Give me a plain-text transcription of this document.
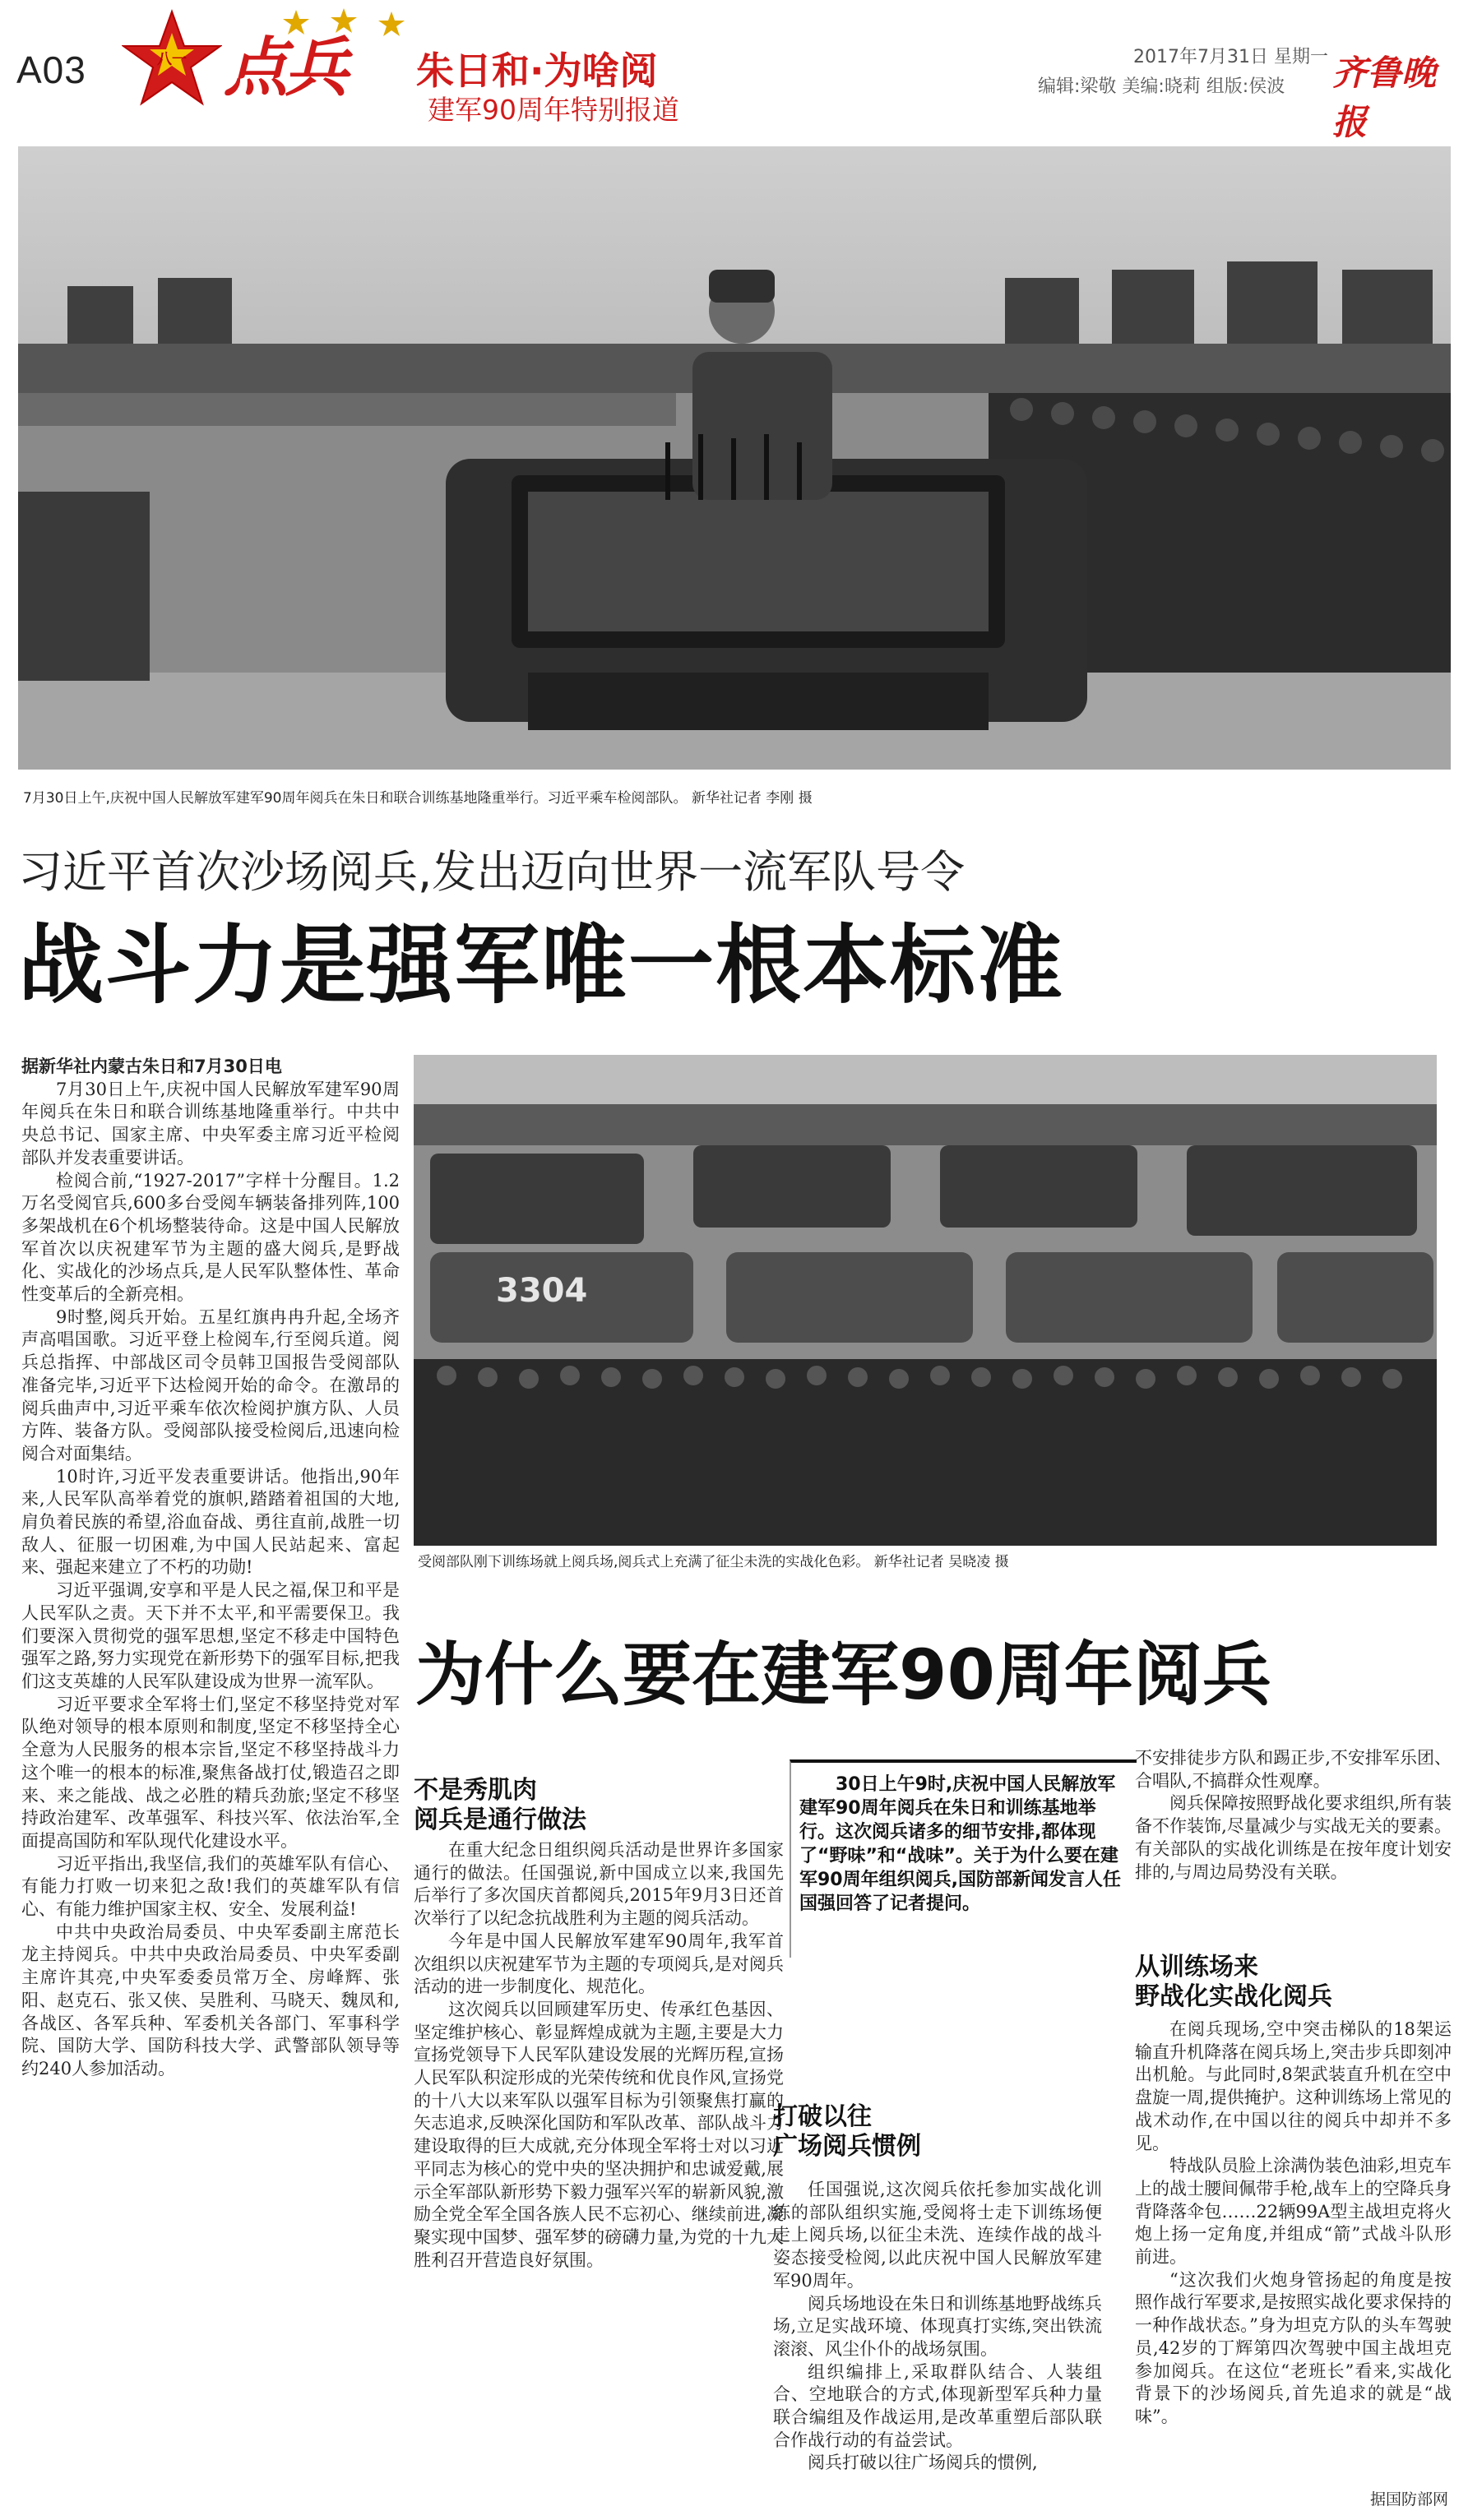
A03	八一 点兵 朱日和·为啥阅
建军90周年特别报道
2017年7月31日 星期一
编辑:梁敬 美编:晓莉 组版:侯波 齐鲁晚报
7月30日上午,庆祝中国人民解放军建军90周年阅兵在朱日和联合训练基地隆重举行。习近平乘车检阅部队。 新华社记者 李刚 摄
习近平首次沙场阅兵,发出迈向世界一流军队号令
战斗力是强军唯一根本标准

据新华社内蒙古朱日和7月30日电

7月30日上午,庆祝中国人民解放军建军90周年阅兵在朱日和联合训练基地隆重举行。中共中央总书记、国家主席、中央军委主席习近平检阅部队并发表重要讲话。

检阅合前,“1927-2017”字样十分醒目。1.2万名受阅官兵,600多台受阅车辆装备排列阵,100多架战机在6个机场整装待命。这是中国人民解放军首次以庆祝建军节为主题的盛大阅兵,是野战化、实战化的沙场点兵,是人民军队整体性、革命性变革后的全新亮相。

9时整,阅兵开始。五星红旗冉冉升起,全场齐声高唱国歌。习近平登上检阅车,行至阅兵道。阅兵总指挥、中部战区司令员韩卫国报告受阅部队准备完毕,习近平下达检阅开始的命令。在激昂的阅兵曲声中,习近平乘车依次检阅护旗方队、人员方阵、装备方队。受阅部队接受检阅后,迅速向检阅合对面集结。

10时许,习近平发表重要讲话。他指出,90年来,人民军队高举着党的旗帜,踏踏着祖国的大地,肩负着民族的希望,浴血奋战、勇往直前,战胜一切敌人、征服一切困难,为中国人民站起来、富起来、强起来建立了不朽的功勋!

习近平强调,安享和平是人民之福,保卫和平是人民军队之责。天下并不太平,和平需要保卫。我们要深入贯彻党的强军思想,坚定不移走中国特色强军之路,努力实现党在新形势下的强军目标,把我们这支英雄的人民军队建设成为世界一流军队。

习近平要求全军将士们,坚定不移坚持党对军队绝对领导的根本原则和制度,坚定不移坚持全心全意为人民服务的根本宗旨,坚定不移坚持战斗力这个唯一的根本的标准,聚焦备战打仗,锻造召之即来、来之能战、战之必胜的精兵劲旅;坚定不移坚持政治建军、改革强军、科技兴军、依法治军,全面提高国防和军队现代化建设水平。

习近平指出,我坚信,我们的英雄军队有信心、有能力打败一切来犯之敌!我们的英雄军队有信心、有能力维护国家主权、安全、发展利益!

中共中央政治局委员、中央军委副主席范长龙主持阅兵。中共中央政治局委员、中央军委副主席许其亮,中央军委委员常万全、房峰辉、张阳、赵克石、张又侠、吴胜利、马晓天、魏凤和,各战区、各军兵种、军委机关各部门、军事科学院、国防大学、国防科技大学、武警部队领导等约240人参加活动。

3304
受阅部队刚下训练场就上阅兵场,阅兵式上充满了征尘未洗的实战化色彩。 新华社记者 吴晓凌 摄
为什么要在建军90周年阅兵
不是秀肌肉
阅兵是通行做法

在重大纪念日组织阅兵活动是世界许多国家通行的做法。任国强说,新中国成立以来,我国先后举行了多次国庆首都阅兵,2015年9月3日还首次举行了以纪念抗战胜利为主题的阅兵活动。

今年是中国人民解放军建军90周年,我军首次组织以庆祝建军节为主题的专项阅兵,是对阅兵活动的进一步制度化、规范化。

这次阅兵以回顾建军历史、传承红色基因、坚定维护核心、彰显辉煌成就为主题,主要是大力宣扬党领导下人民军队建设发展的光辉历程,宣扬人民军队积淀形成的光荣传统和优良作风,宣扬党的十八大以来军队以强军目标为引领聚焦打赢的矢志追求,反映深化国防和军队改革、部队战斗力建设取得的巨大成就,充分体现全军将士对以习近平同志为核心的党中央的坚决拥护和忠诚爱戴,展示全军部队新形势下毅力强军兴军的崭新风貌,激励全党全军全国各族人民不忘初心、继续前进,凝聚实现中国梦、强军梦的磅礴力量,为党的十九大胜利召开营造良好氛围。

30日上午9时,庆祝中国人民解放军建军90周年阅兵在朱日和训练基地举行。这次阅兵诸多的细节安排,都体现了“野味”和“战味”。关于为什么要在建军90周年组织阅兵,国防部新闻发言人任国强回答了记者提问。
打破以往
广场阅兵惯例

任国强说,这次阅兵依托参加实战化训练的部队组织实施,受阅将士走下训练场便走上阅兵场,以征尘未洗、连续作战的战斗姿态接受检阅,以此庆祝中国人民解放军建军90周年。

阅兵场地设在朱日和训练基地野战练兵场,立足实战环境、体现真打实练,突出铁流滚滚、风尘仆仆的战场氛围。

组织编排上,采取群队结合、人装组合、空地联合的方式,体现新型军兵种力量联合编组及作战运用,是改革重塑后部队联合作战行动的有益尝试。

阅兵打破以往广场阅兵的惯例,

不安排徒步方队和踢正步,不安排军乐团、合唱队,不搞群众性观摩。

阅兵保障按照野战化要求组织,所有装备不作装饰,尽量减少与实战无关的要素。有关部队的实战化训练是在按年度计划安排的,与周边局势没有关联。

从训练场来
野战化实战化阅兵

在阅兵现场,空中突击梯队的18架运输直升机降落在阅兵场上,突击步兵即刻冲出机舱。与此同时,8架武装直升机在空中盘旋一周,提供掩护。这种训练场上常见的战术动作,在中国以往的阅兵中却并不多见。

特战队员脸上涂满伪装色油彩,坦克车上的战士腰间佩带手枪,战车上的空降兵身背降落伞包……22辆99A型主战坦克将火炮上扬一定角度,并组成“箭”式战斗队形前进。

“这次我们火炮身管扬起的角度是按照作战行军要求,是按照实战化要求保持的一种作战状态。”身为坦克方队的头车驾驶员,42岁的丁辉第四次驾驶中国主战坦克参加阅兵。在这位“老班长”看来,实战化背景下的沙场阅兵,首先追求的就是“战味”。

据国防部网
